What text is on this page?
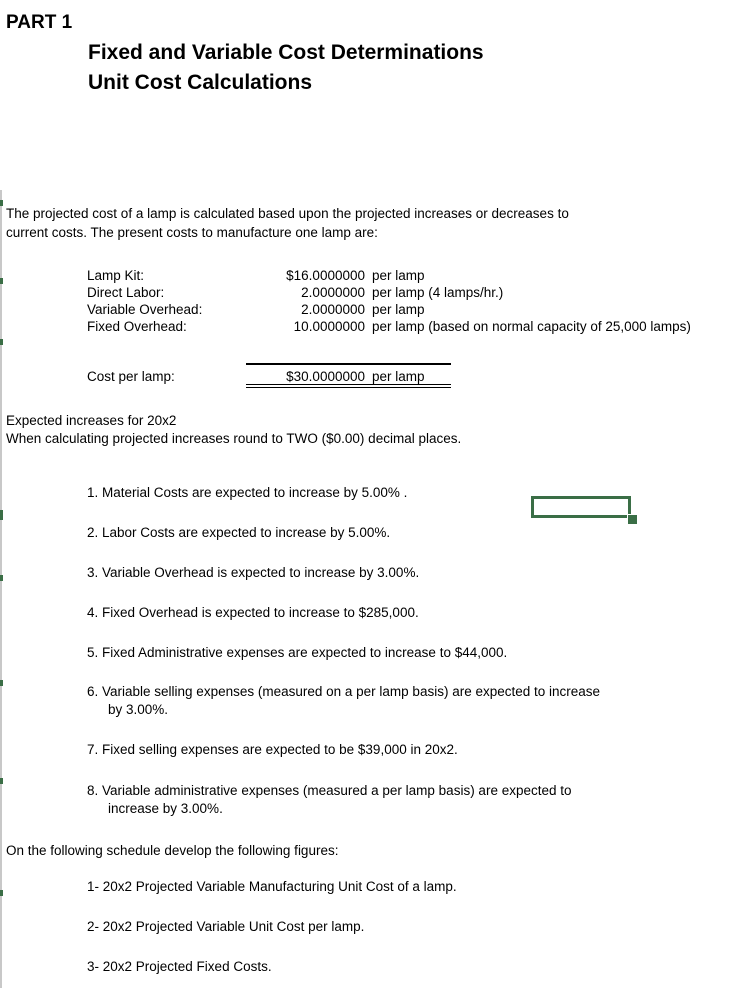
PART 1
Fixed and Variable Cost Determinations
Unit Cost Calculations
The projected cost of a lamp is calculated based upon the projected increases or decreases to
current costs. The present costs to manufacture one lamp are:
Lamp Kit:	$16.0000000 per lamp
Direct Labor:	2.0000000 per lamp (4 lamps/hr.)
Variable Overhead:	2.0000000 per lamp
Fixed Overhead:	10.0000000 per lamp (based on normal capacity of 25,000 lamps)
Cost per lamp:	$30.0000000 per lamp
Expected increases for 20x2
When calculating projected increases round to TWO ($0.00) decimal places.
1. Material Costs are expected to increase by 5.00% .
2. Labor Costs are expected to increase by 5.00%.
3. Variable Overhead is expected to increase by 3.00%.
4. Fixed Overhead is expected to increase to $285,000.
5. Fixed Administrative expenses are expected to increase to $44,000.
6. Variable selling expenses (measured on a per lamp basis) are expected to increase
by 3.00%.
7. Fixed selling expenses are expected to be $39,000 in 20x2.
8. Variable administrative expenses (measured a per lamp basis) are expected to
increase by 3.00%.
On the following schedule develop the following figures:
1- 20x2 Projected Variable Manufacturing Unit Cost of a lamp.
2- 20x2 Projected Variable Unit Cost per lamp.
3- 20x2 Projected Fixed Costs.
